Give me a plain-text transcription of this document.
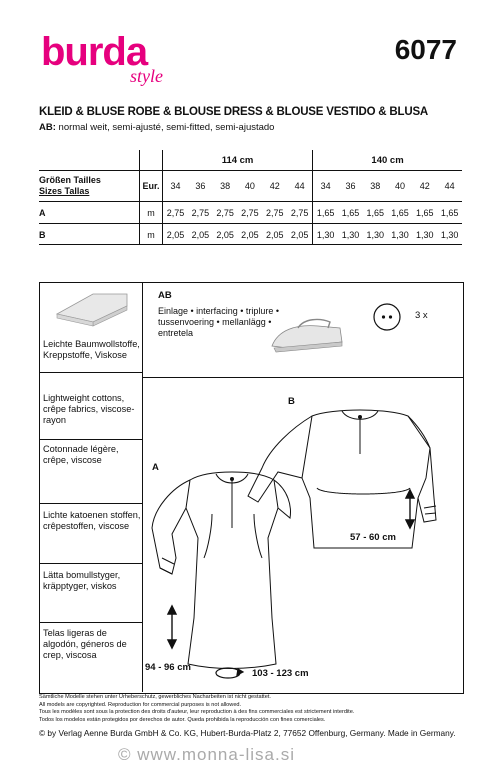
burda
style
6077
KLEID & BLUSE ROBE & BLOUSE DRESS & BLOUSE VESTIDO & BLUSA
AB: normal weit, semi-ajusté, semi-fitted, semi-ajustado
		114 cm						140 cm					

Größen Tailles
Sizes Tallas	Eur.	34	36	38	40	42	44	34	36	38	40	42	44
A	m	2,75	2,75	2,75	2,75	2,75	2,75	1,65	1,65	1,65	1,65	1,65	1,65
B	m	2,05	2,05	2,05	2,05	2,05	2,05	1,30	1,30	1,30	1,30	1,30	1,30
Leichte Baumwollstoffe, Kreppstoffe, Viskose
Lightweight cottons, crêpe fabrics, viscose-rayon
Cotonnade légère, crêpe, viscose
Lichte katoenen stoffen, crêpestoffen, viscose
Lätta bomullstyger, kräpptyger, viskos
Telas ligeras de algodón, géneros de crep, viscosa
AB
Einlage • interfacing • triplure •
tussenvoering • mellanlägg •
entretela
3 x
B
A
57 - 60 cm
94 - 96 cm
103 - 123 cm
Sämtliche Modelle stehen unter Urheberschutz, gewerbliches Nacharbeiten ist nicht gestattet.
All models are copyrighted. Reproduction for commercial purposes is not allowed.
Tous les modèles sont sous la protection des droits d'auteur, leur reproduction à des fins commerciales est strictement interdite.
Todos los modelos están protegidos por derechos de autor. Queda prohibida la reproducción con fines comerciales.
© by Verlag Aenne Burda GmbH & Co. KG, Hubert-Burda-Platz 2, 77652 Offenburg, Germany. Made in Germany.
© www.monna-lisa.si
